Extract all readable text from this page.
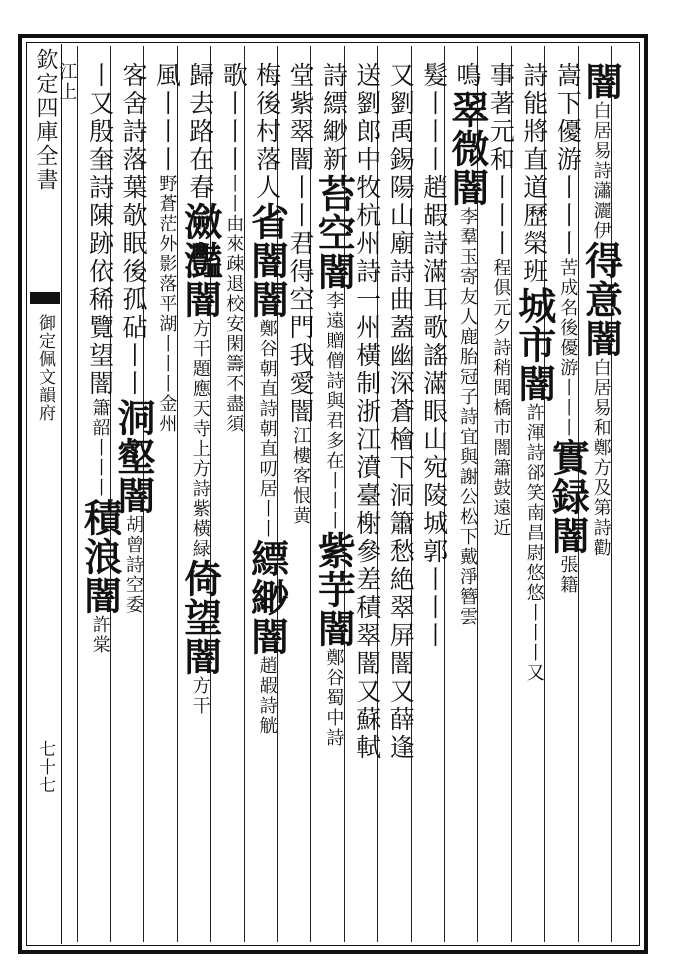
欽定四庫全書
御定佩文韻府
七十七
闇白居易詩瀟灑伊得意闇白居易和鄭方及第詩勸
嵩下優游丨丨丨苦成名後優游丨丨丨實録闇張籍
詩能將直道歷榮班城市闇許渾詩郤笑南昌尉悠悠丨丨丨又
事著元和丨丨丨程俱元夕詩稍聞橋市闇簫鼓遠近
鳴翠微闇李羣玉寄友人鹿胎冠子詩宜與謝公松下戴淨簪雲
髮丨丨丨趙嘏詩滿耳歌謠滿眼山宛陵城郭丨丨丨
又劉禹錫陽山廟詩曲蓋幽深蒼檜下洞簫愁絶翠屏闇又薛逢
送劉郎中牧杭州詩一州橫制浙江濆臺榭參差積翠闇又蘇軾
詩縹緲新苔空闇李遠贈僧詩與君多在丨丨丨紫芋闇鄭谷蜀中詩
堂紫翠闇丨丨君得空門我愛闇江樓客恨黄
梅後村落人省闇闇鄭谷朝直詩朝直叨居丨丨縹緲闇趙嘏詩觥
歌丨丨丨丨丨由來疎退校安閑籌不盡須
歸去路在春瀲灩闇方干題應天寺上方詩紫橫緑倚望闇方干
風丨丨丨野蒼茫外影落平湖丨丨丨金州
客舍詩落葉欹眠後孤砧丨丨洞壑闇胡曾詩空委
丨又殷奎詩陳跡依稀覽望闇簫韶丨丨丨積浪闇許棠
江上
